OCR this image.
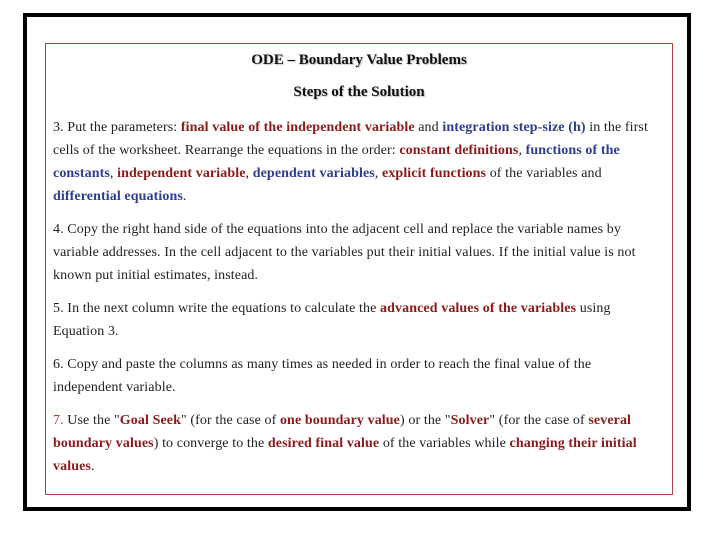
ODE – Boundary Value Problems
Steps of the Solution

3. Put the parameters: final value of the independent variable and integration step-size (h) in the first cells of the worksheet. Rearrange the equations in the order: constant definitions, functions of the constants, independent variable, dependent variables, explicit functions of the variables and differential equations.

4. Copy the right hand side of the equations into the adjacent cell and replace the variable names by variable addresses. In the cell adjacent to the variables put their initial values. If the initial value is not known put initial estimates, instead.

5. In the next column write the equations to calculate the advanced values of the variables using Equation 3.

6. Copy and paste the columns as many times as needed in order to reach the final value of the independent variable.

7. Use the "Goal Seek" (for the case of one boundary value) or the "Solver" (for the case of several boundary values) to converge to the desired final value of the variables while changing their initial values.
